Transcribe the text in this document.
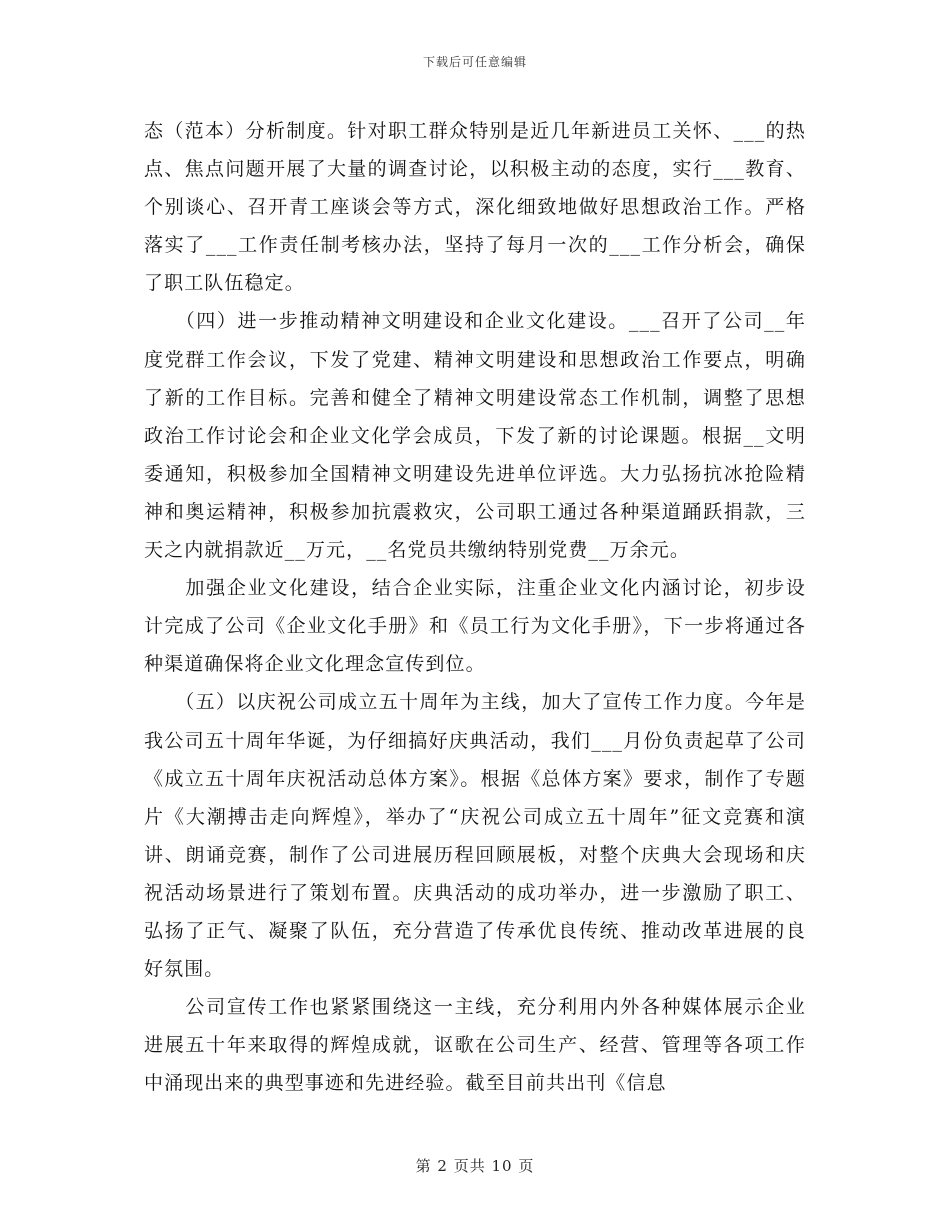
下载后可任意编辑

态（范本）分析制度。针对职工群众特别是近几年新进员工关怀、___的热点、焦点问题开展了大量的调查讨论，以积极主动的态度，实行___教育、个别谈心、召开青工座谈会等方式，深化细致地做好思想政治工作。严格落实了___工作责任制考核办法，坚持了每月一次的___工作分析会，确保了职工队伍稳定。

　　（四）进一步推动精神文明建设和企业文化建设。___召开了公司__年度党群工作会议，下发了党建、精神文明建设和思想政治工作要点，明确了新的工作目标。完善和健全了精神文明建设常态工作机制，调整了思想政治工作讨论会和企业文化学会成员，下发了新的讨论课题。根据__文明委通知，积极参加全国精神文明建设先进单位评选。大力弘扬抗冰抢险精神和奥运精神，积极参加抗震救灾，公司职工通过各种渠道踊跃捐款，三天之内就捐款近__万元，__名党员共缴纳特别党费__万余元。

　　加强企业文化建设，结合企业实际，注重企业文化内涵讨论，初步设计完成了公司《企业文化手册》和《员工行为文化手册》，下一步将通过各种渠道确保将企业文化理念宣传到位。

　　（五）以庆祝公司成立五十周年为主线，加大了宣传工作力度。今年是我公司五十周年华诞，为仔细搞好庆典活动，我们___月份负责起草了公司《成立五十周年庆祝活动总体方案》。根据《总体方案》要求，制作了专题片《大潮搏击走向辉煌》，举办了“庆祝公司成立五十周年”征文竞赛和演讲、朗诵竞赛，制作了公司进展历程回顾展板，对整个庆典大会现场和庆祝活动场景进行了策划布置。庆典活动的成功举办，进一步激励了职工、弘扬了正气、凝聚了队伍，充分营造了传承优良传统、推动改革进展的良好氛围。

　　公司宣传工作也紧紧围绕这一主线，充分利用内外各种媒体展示企业进展五十年来取得的辉煌成就，讴歌在公司生产、经营、管理等各项工作中涌现出来的典型事迹和先进经验。截至目前共出刊《信息

第 2 页共 10 页
